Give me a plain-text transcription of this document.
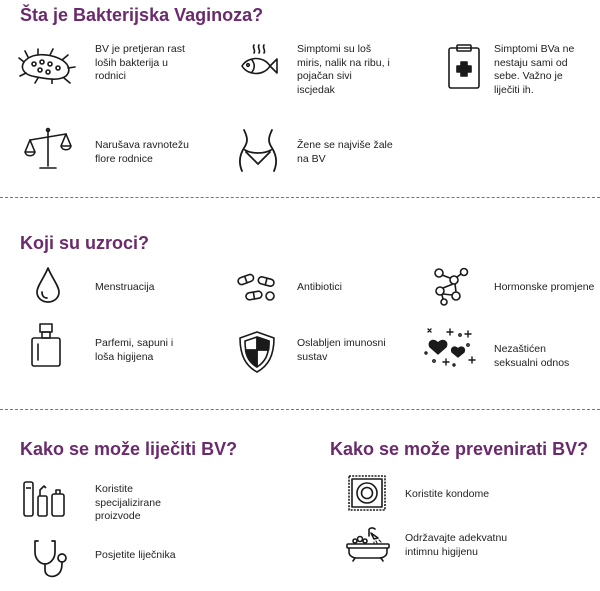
Šta je Bakterijska Vaginoza?
BV je pretjeran rast loših bakterija u rodnici
Simptomi su loš miris, nalik na ribu, i pojačan sivi iscjedak
Simptomi BVa ne nestaju sami od sebe. Važno je liječiti ih.
Narušava ravnotežu flore rodnice
Žene se najviše žale na BV
Koji su uzroci?
Menstruacija	Antibiotici	Hormonske promjene
Parfemi, sapuni i loša higijena
Oslabljen imunosni sustav
Nezaštićen seksualni odnos
Kako se može liječiti BV?	Kako se može prevenirati BV?
Koristite specijalizirane proizvode
Posjetite liječnika
Koristite kondome
Održavajte adekvatnu intimnu higijenu
